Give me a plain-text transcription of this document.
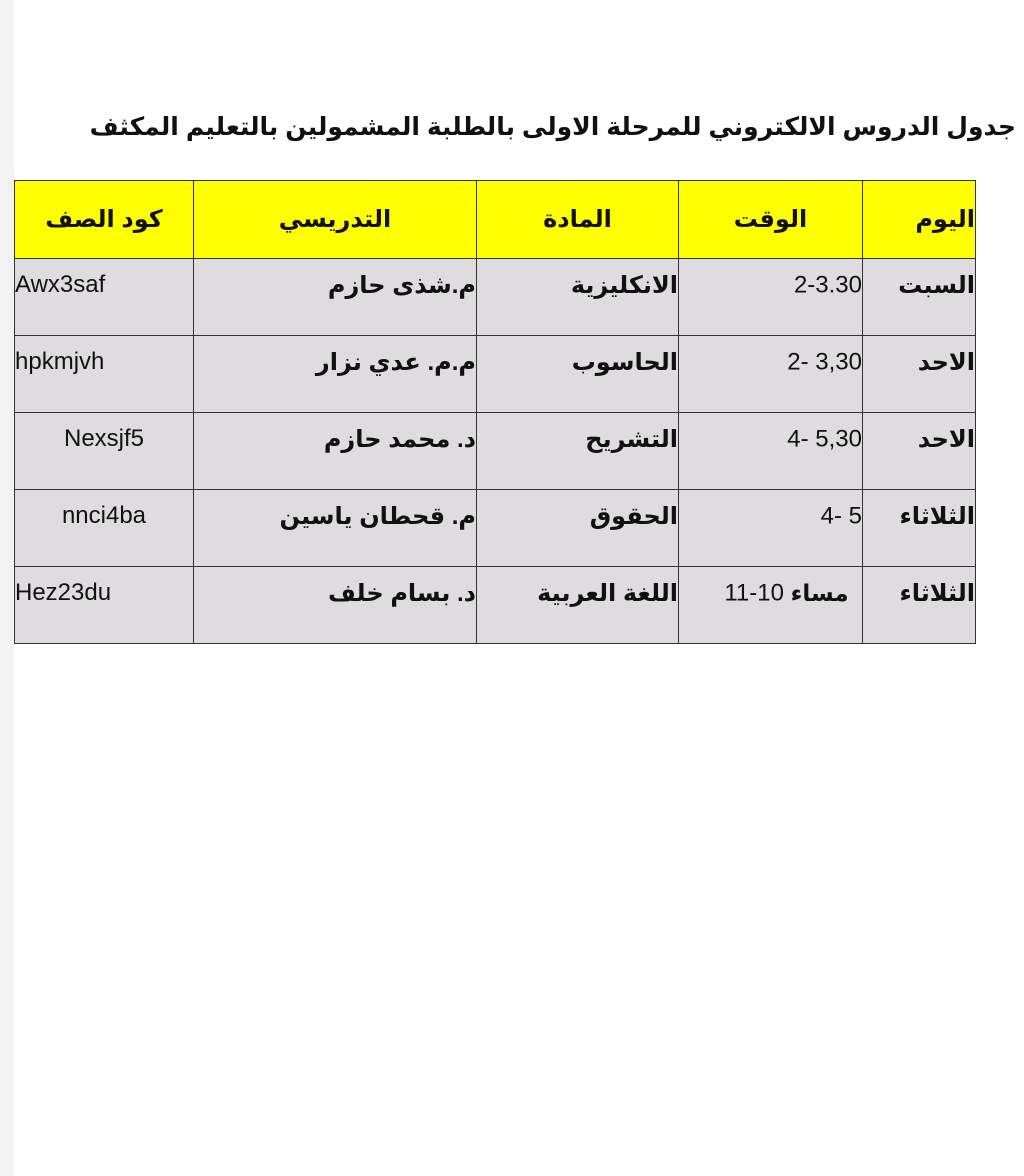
جدول الدروس الالكتروني للمرحلة الاولى بالطلبة المشمولين بالتعليم المكثف
كود الصف	التدريسي	المادة	الوقت	اليوم
Awx3saf	م.شذى حازم	الانكليزية	2-3.30	السبت
hpkmjvh	م.م. عدي نزار	الحاسوب	2- 3,30	الاحد
Nexsjf5	د. محمد حازم	التشريح	4- 5,30	الاحد
nnci4ba	م. قحطان ياسين	الحقوق	4- 5	الثلاثاء
Hez23du	د. بسام خلف	اللغة العربية	مساء 10-11	الثلاثاء
